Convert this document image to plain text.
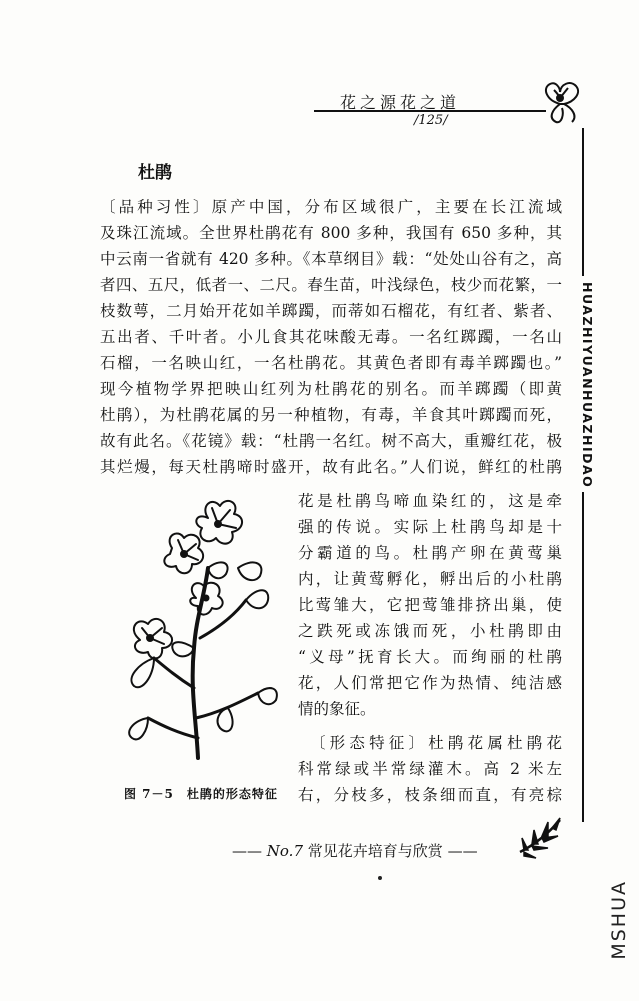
花之源花之道
/125/
HUAZHIYUANHUAZHIDAO
杜鹃
〔品种习性〕原产中国，分布区域很广，主要在长江流域
及珠江流域。全世界杜鹃花有 800 多种，我国有 650 多种，其
中云南一省就有 420 多种。《本草纲目》载：“处处山谷有之，高
者四、五尺，低者一、二尺。春生苗，叶浅绿色，枝少而花繁，一
枝数萼，二月始开花如羊踯躅，而蒂如石榴花，有红者、紫者、
五出者、千叶者。小儿食其花味酸无毒。一名红踯躅，一名山
石榴，一名映山红，一名杜鹃花。其黄色者即有毒羊踯躅也。”
现今植物学界把映山红列为杜鹃花的别名。而羊踯躅（即黄
杜鹃），为杜鹃花属的另一种植物，有毒，羊食其叶踯躅而死，
故有此名。《花镜》载：“杜鹃一名红。树不高大，重瓣红花，极
其烂熳，每天杜鹃啼时盛开，故有此名。”人们说，鲜红的杜鹃
花是杜鹃鸟啼血染红的，这是牵
强的传说。实际上杜鹃鸟却是十
分霸道的鸟。杜鹃产卵在黄莺巢
内，让黄莺孵化，孵出后的小杜鹃
比莺雏大，它把莺雏排挤出巢，使
之跌死或冻饿而死，小杜鹃即由
“义母”抚育长大。而绚丽的杜鹃
花，人们常把它作为热情、纯洁感
情的象征。
　〔形态特征〕杜鹃花属杜鹃花
科常绿或半常绿灌木。高 2 米左
右，分枝多，枝条细而直，有亮棕
图 7－5　杜鹃的形态特征
—— No.7 常见花卉培育与欣赏 ——
MSHUA
